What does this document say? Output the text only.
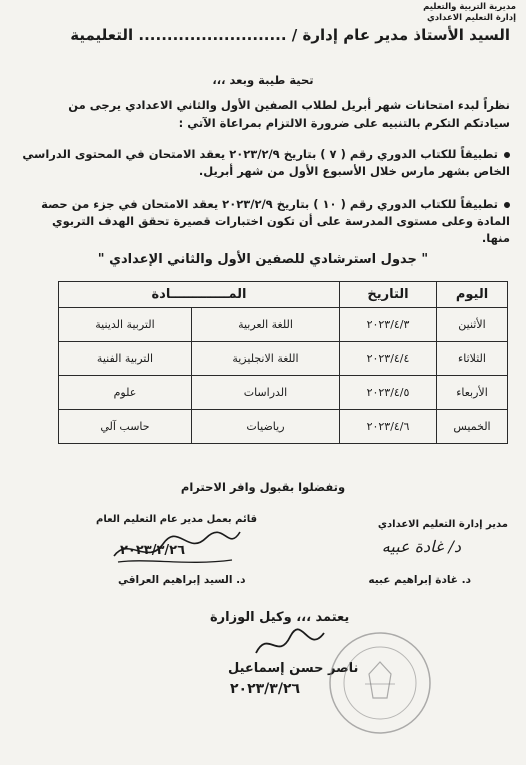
مديرية التربية والتعليم
إدارة التعليم الاعدادي
السيد الأستاذ مدير عام إدارة / .......................... التعليمية
تحية طيبة وبعد ،،،
نظراً لبدء امتحانات شهر أبريل لطلاب الصفين الأول والثاني الاعدادي يرجى من سيادتكم التكرم بالتنبيه على ضرورة الالتزام بمراعاة الآتي :
تطبيقاً للكتاب الدوري رقم ( ٧ ) بتاريخ ٢٠٢٣/٢/٩ يعقد الامتحان في المحتوى الدراسي الخاص بشهر مارس خلال الأسبوع الأول من شهر أبريل.
تطبيقاً للكتاب الدوري رقم ( ١٠ ) بتاريخ ٢٠٢٣/٢/٩ يعقد الامتحان في جزء من حصة المادة وعلى مستوى المدرسة على أن تكون اختبارات قصيرة تحقق الهدف التربوي منها.
" جدول استرشادي للصفين الأول والثاني الإعدادي "
اليوم	التاريخ	المـــــــــــــادة	
الأثنين	٢٠٢٣/٤/٣	اللغة العربية	التربية الدينية
الثلاثاء	٢٠٢٣/٤/٤	اللغة الانجليزية	التربية الفنية
الأربعاء	٢٠٢٣/٤/٥	الدراسات	علوم
الخميس	٢٠٢٣/٤/٦	رياضيات	حاسب آلي
وتفضلوا بقبول وافر الاحترام
قائم بعمل مدير عام التعليم العام
٢٠٢٣/٣/٢٦
د. السيد إبراهيم العراقي
مدير إدارة التعليم الاعدادي
د/ غادة عبيه
د. غادة إبراهيم عبيه
يعتمد ،،، وكيل الوزارة
ناصر حسن إسماعيل
٢٠٢٣/٣/٢٦
